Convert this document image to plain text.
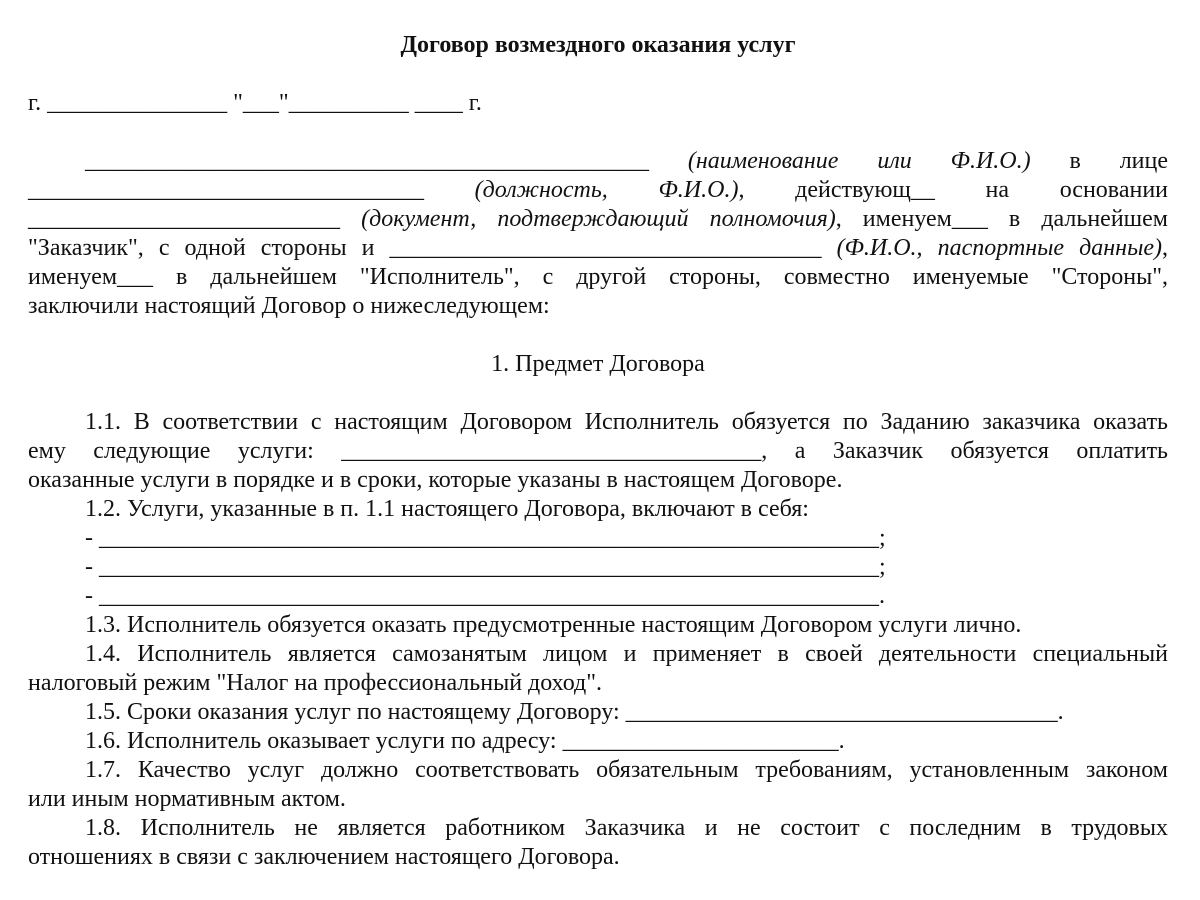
Договор возмездного оказания услуг
г. _______________ "___"__________ ____ г.
_______________________________________________ (наименование или Ф.И.О.) в лице
_________________________________ (должность, Ф.И.О.), действующ__ на основании
__________________________ (документ, подтверждающий полномочия), именуем___ в дальнейшем
"Заказчик", с одной стороны и ____________________________________ (Ф.И.О., паспортные данные),
именуем___ в дальнейшем "Исполнитель", с другой стороны, совместно именуемые "Стороны",
заключили настоящий Договор о нижеследующем:
1. Предмет Договора
1.1. В соответствии с настоящим Договором Исполнитель обязуется по Заданию заказчика оказать
ему следующие услуги: ___________________________________, а Заказчик обязуется оплатить
оказанные услуги в порядке и в сроки, которые указаны в настоящем Договоре.
1.2. Услуги, указанные в п. 1.1 настоящего Договора, включают в себя:
- _________________________________________________________________;
- _________________________________________________________________;
- _________________________________________________________________.
1.3. Исполнитель обязуется оказать предусмотренные настоящим Договором услуги лично.
1.4. Исполнитель является самозанятым лицом и применяет в своей деятельности специальный
налоговый режим "Налог на профессиональный доход".
1.5. Сроки оказания услуг по настоящему Договору: ____________________________________.
1.6. Исполнитель оказывает услуги по адресу: _______________________.
1.7. Качество услуг должно соответствовать обязательным требованиям, установленным законом
или иным нормативным актом.
1.8. Исполнитель не является работником Заказчика и не состоит с последним в трудовых
отношениях в связи с заключением настоящего Договора.
